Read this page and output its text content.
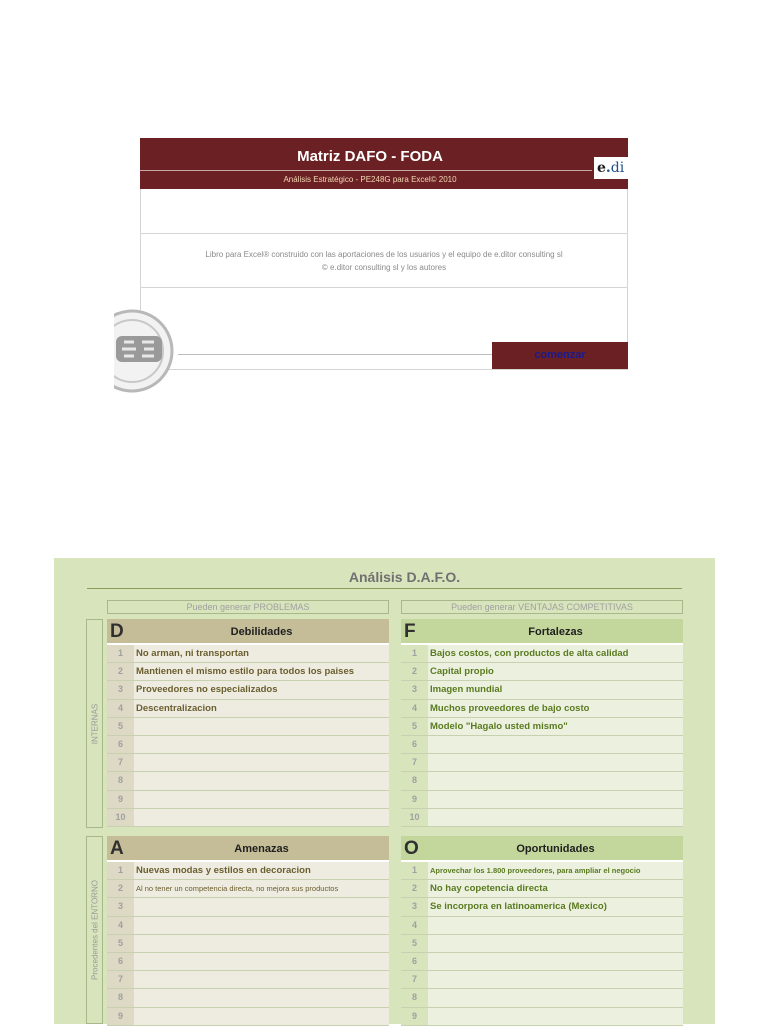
Matriz DAFO - FODA
Análisis Estratégico - PE248G para Excel© 2010
e.di
Libro para Excel® construido con las aportaciones de los usuarios y el equipo de e.ditor consulting sl
© e.ditor consulting sl y los autores
comenzar
Análisis D.A.F.O.
Pueden generar PROBLEMAS	Pueden generar VENTAJAS COMPETITIVAS
INTERNAS
Procedentes del ENTORNO
D	Debilidades
1	No arman, ni transportan
2	Mantienen el mismo estilo para todos los paises
3	Proveedores no especializados
4	Descentralizacion
5
6
7
8
9
10
F	Fortalezas
1	Bajos costos, con productos de alta calidad
2	Capital propio
3	Imagen mundial
4	Muchos proveedores de bajo costo
5	Modelo "Hagalo usted mismo"
6
7
8
9
10
A	Amenazas
1	Nuevas modas y estilos en decoracion
2	Al no tener un competencia directa, no mejora sus productos
3
4
5
6
7
8
9
O	Oportunidades
1	Aprovechar los 1.800 proveedores, para ampliar el negocio
2	No hay copetencia directa
3	Se incorpora en latinoamerica (Mexico)
4
5
6
7
8
9
